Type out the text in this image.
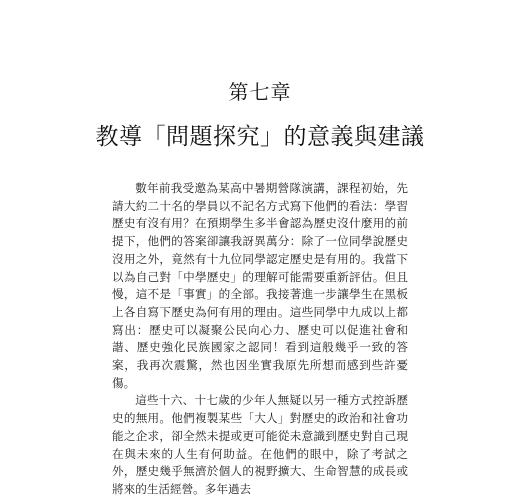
第七章
教導「問題探究」的意義與建議

數年前我受邀為某高中暑期營隊演講，課程初始，先請大約二十名的學員以不記名方式寫下他們的看法：學習歷史有沒有用？在預期學生多半會認為歷史沒什麼用的前提下，他們的答案卻讓我訝異萬分：除了一位同學說歷史沒用之外，竟然有十九位同學認定歷史是有用的。我當下以為自己對「中學歷史」的理解可能需要重新評估。但且慢，這不是「事實」的全部。我接著進一步讓學生在黑板上各自寫下歷史為何有用的理由。這些同學中九成以上都寫出：歷史可以凝聚公民向心力、歷史可以促進社會和諧、歷史強化民族國家之認同！看到這般幾乎一致的答案，我再次震驚，然也因坐實我原先所想而感到些許憂傷。

這些十六、十七歲的少年人無疑以另一種方式控訴歷史的無用。他們複製某些「大人」對歷史的政治和社會功能之企求，卻全然未提或更可能從未意識到歷史對自己現在與未來的人生有何助益。在他們的眼中，除了考試之外，歷史幾乎無濟於個人的視野擴大、生命智慧的成長或將來的生活經營。多年過去
